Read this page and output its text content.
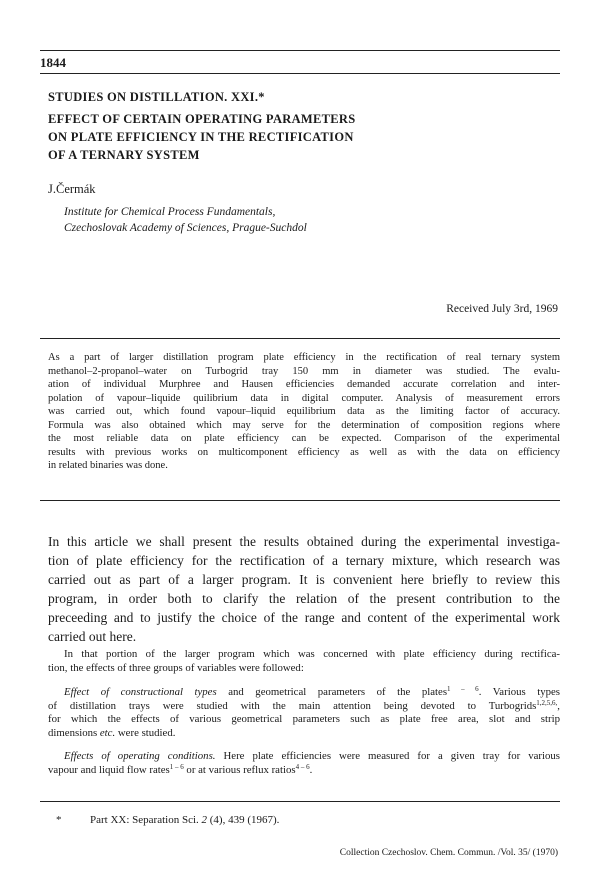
1844
STUDIES ON DISTILLATION. XXI.*
EFFECT OF CERTAIN OPERATING PARAMETERS
ON PLATE EFFICIENCY IN THE RECTIFICATION
OF A TERNARY SYSTEM
J.Čermák
Institute for Chemical Process Fundamentals,
Czechoslovak Academy of Sciences, Prague-Suchdol
Received July 3rd, 1969
As a part of larger distillation program plate efficiency in the rectification of real ternary system
methanol–2-propanol–water on Turbogrid tray 150 mm in diameter was studied. The evalu-
ation of individual Murphree and Hausen efficiencies demanded accurate correlation and inter-
polation of vapour–liquide quilibrium data in digital computer. Analysis of measurement errors
was carried out, which found vapour–liquid equilibrium data as the limiting factor of accuracy.
Formula was also obtained which may serve for the determination of composition regions where
the most reliable data on plate efficiency can be expected. Comparison of the experimental
results with previous works on multicomponent efficiency as well as with the data on efficiency
in related binaries was done.
In this article we shall present the results obtained during the experimental investiga-
tion of plate efficiency for the rectification of a ternary mixture, which research was
carried out as part of a larger program. It is convenient here briefly to review this
program, in order both to clarify the relation of the present contribution to the
preceeding and to justify the choice of the range and content of the experimental work
carried out here.
In that portion of the larger program which was concerned with plate efficiency during rectifica-
tion, the effects of three groups of variables were followed:
Effect of constructional types and geometrical parameters of the plates$^{1 - 6}$. Various types
of distillation trays were studied with the main attention being devoted to Turbogrids$^{1,2,5,6,}$,
for which the effects of various geometrical parameters such as plate free area, slot and strip
dimensions etc. were studied.
Effects of operating conditions. Here plate efficiencies were measured for a given tray for various
vapour and liquid flow rates$^{1 - 6}$ or at various reflux ratios$^{4 - 6}$.
*	Part XX: Separation Sci. 2 (4), 439 (1967).
Collection Czechoslov. Chem. Commun. /Vol. 35/ (1970)
